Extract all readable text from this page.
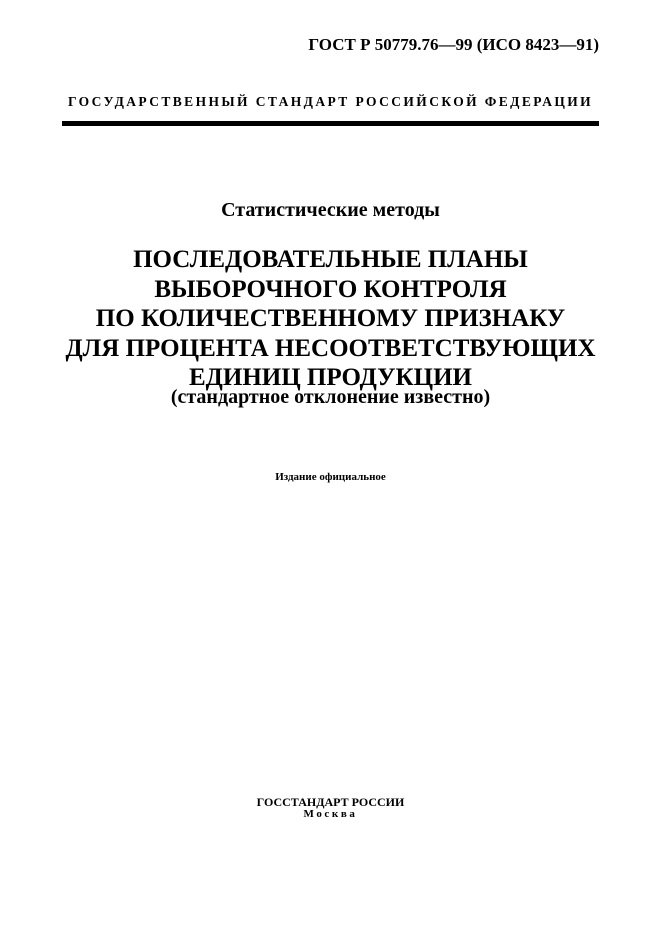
ГОСТ Р 50779.76—99 (ИСО 8423—91)
ГОСУДАРСТВЕННЫЙ СТАНДАРТ РОССИЙСКОЙ ФЕДЕРАЦИИ
Статистические методы
ПОСЛЕДОВАТЕЛЬНЫЕ ПЛАНЫ
ВЫБОРОЧНОГО КОНТРОЛЯ
ПО КОЛИЧЕСТВЕННОМУ ПРИЗНАКУ
ДЛЯ ПРОЦЕНТА НЕСООТВЕТСТВУЮЩИХ
ЕДИНИЦ ПРОДУКЦИИ
(стандартное отклонение известно)
Издание официальное
ГОССТАНДАРТ РОССИИ
Москва
